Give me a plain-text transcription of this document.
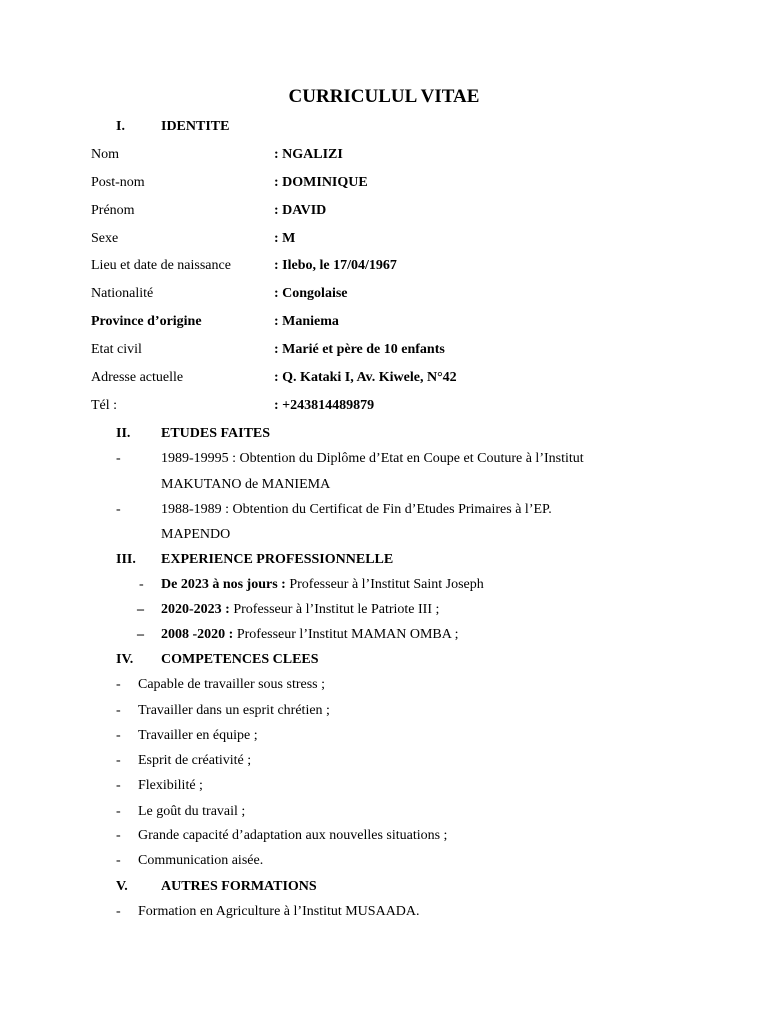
CURRICULUL VITAE
I.	IDENTITE
Nom	: NGALIZI
Post-nom	: DOMINIQUE
Prénom	: DAVID
Sexe	: M
Lieu et date de naissance	: Ilebo, le 17/04/1967
Nationalité	: Congolaise
Province d’origine	: Maniema
Etat civil	: Marié et père de 10 enfants
Adresse actuelle	: Q. Kataki I, Av. Kiwele, N°42
Tél :	: +243814489879
II. ETUDES FAITES
-	1989-19995 : Obtention du Diplôme d’Etat en Coupe et Couture à l’Institut
MAKUTANO de MANIEMA
-	1988-1989 : Obtention du Certificat de Fin d’Etudes Primaires à l’EP.
MAPENDO
III. EXPERIENCE PROFESSIONNELLE
- De 2023 à nos jours : Professeur à l’Institut Saint Joseph
– 2020-2023 : Professeur à l’Institut le Patriote III ;
– 2008 -2020 : Professeur l’Institut MAMAN OMBA ;
IV. COMPETENCES CLEES
- Capable de travailler sous stress ;
- Travailler dans un esprit chrétien ;
- Travailler en équipe ;
- Esprit de créativité ;
- Flexibilité ;
- Le goût du travail ;
- Grande capacité d’adaptation aux nouvelles situations ;
- Communication aisée.
V. AUTRES FORMATIONS
- Formation en Agriculture à l’Institut MUSAADA.
